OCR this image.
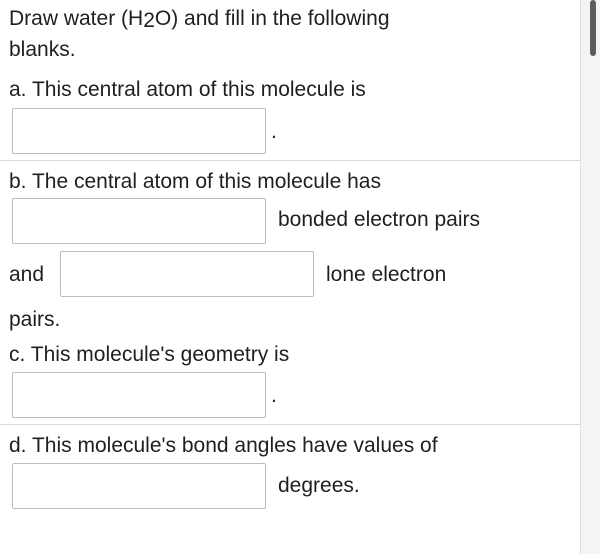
Draw water (H2O) and fill in the following
blanks.
a. This central atom of this molecule is
.
b. The central atom of this molecule has
bonded electron pairs
and	lone electron
pairs.
c. This molecule's geometry is
.
d. This molecule's bond angles have values of
degrees.
